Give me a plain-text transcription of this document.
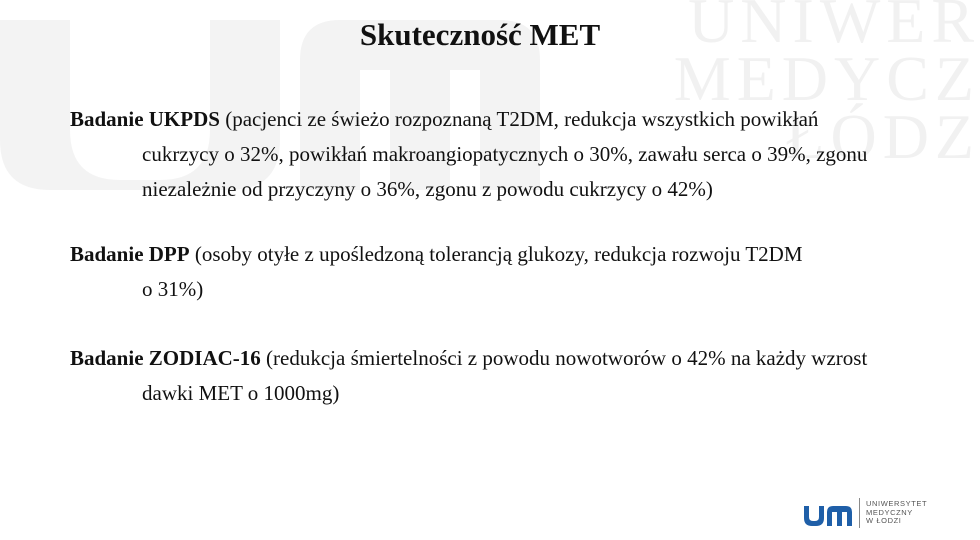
UNIWER
MEDYCZ
ŁÓDZ
Skuteczność MET

Badanie UKPDS (pacjenci ze świeżo rozpoznaną T2DM, redukcja wszystkich powikłań cukrzycy o 32%, powikłań makroangiopatycznych o 30%, zawału serca o 39%, zgonu niezależnie od przyczyny o 36%, zgonu z powodu cukrzycy o 42%)

Badanie DPP (osoby otyłe z upośledzoną tolerancją glukozy, redukcja rozwoju T2DM
o 31%)

Badanie ZODIAC-16 (redukcja śmiertelności z powodu nowotworów o 42% na każdy wzrost dawki MET o 1000mg)

UNIWERSYTET
MEDYCZNY
W ŁODZI
